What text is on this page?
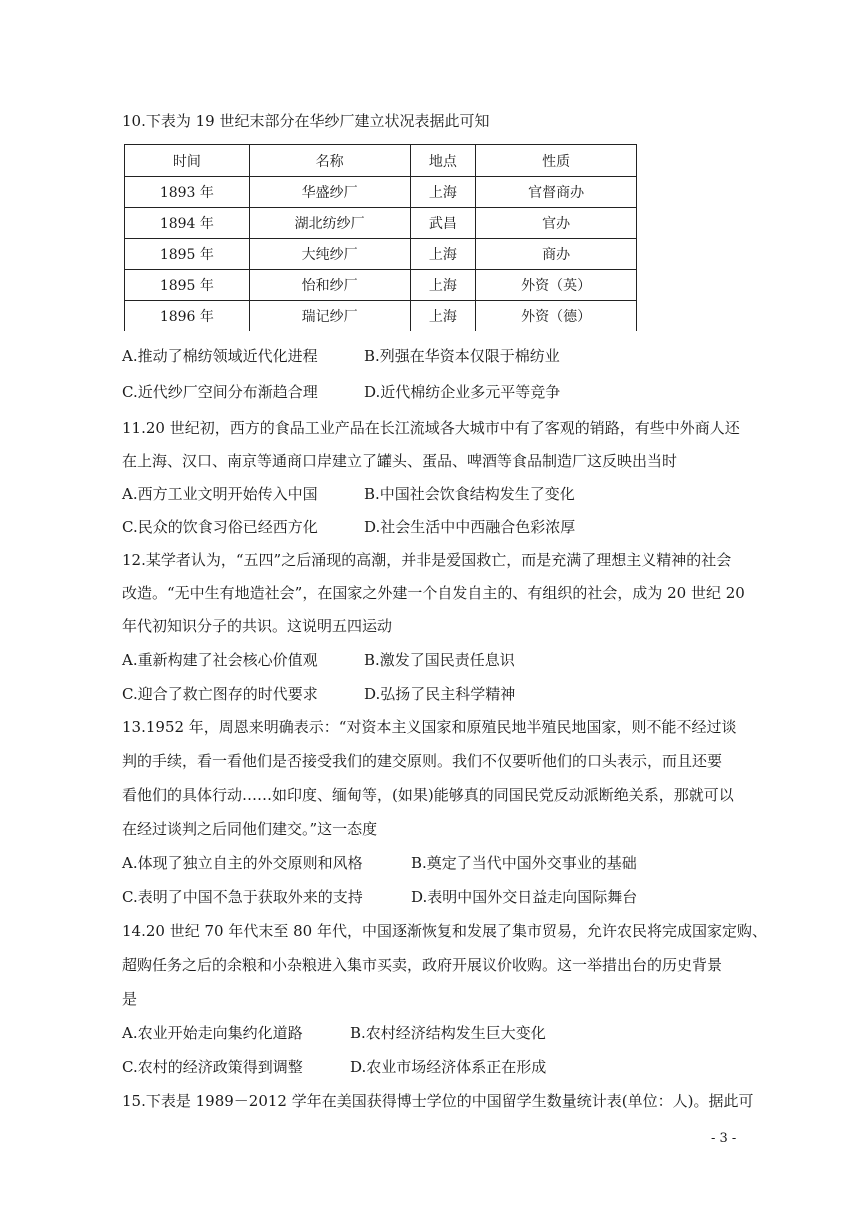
10.下表为 19 世纪末部分在华纱厂建立状况表据此可知
时间	名称	地点	性质
1893 年	华盛纱厂	上海	官督商办
1894 年	湖北纺纱厂	武昌	官办
1895 年	大纯纱厂	上海	商办
1895 年	怡和纱厂	上海	外资（英）
1896 年	瑞记纱厂	上海	外资（德）
A.推动了棉纺领域近代化进程	B.列强在华资本仅限于棉纺业
C.近代纱厂空间分布渐趋合理	D.近代棉纺企业多元平等竞争
11.20 世纪初，西方的食品工业产品在长江流域各大城市中有了客观的销路，有些中外商人还
在上海、汉口、南京等通商口岸建立了罐头、蛋品、啤酒等食品制造厂这反映出当时
A.西方工业文明开始传入中国	B.中国社会饮食结构发生了变化
C.民众的饮食习俗已经西方化	D.社会生活中中西融合色彩浓厚
12.某学者认为，“五四”之后涌现的高潮，并非是爱国救亡，而是充满了理想主义精神的社会
改造。“无中生有地造社会”，在国家之外建一个自发自主的、有组织的社会，成为 20 世纪 20
年代初知识分子的共识。这说明五四运动
A.重新构建了社会核心价值观	B.激发了国民责任息识
C.迎合了救亡图存的时代要求	D.弘扬了民主科学精神
13.1952 年，周恩来明确表示：“对资本主义国家和原殖民地半殖民地国家，则不能不经过谈
判的手续，看一看他们是否接受我们的建交原则。我们不仅要听他们的口头表示，而且还要
看他们的具体行动……如印度、缅甸等，(如果)能够真的同国民党反动派断绝关系，那就可以
在经过谈判之后同他们建交。”这一态度
A.体现了独立自主的外交原则和风格	B.奠定了当代中国外交事业的基础
C.表明了中国不急于获取外来的支持	D.表明中国外交日益走向国际舞台
14.20 世纪 70 年代末至 80 年代，中国逐渐恢复和发展了集市贸易，允许农民将完成国家定购、
超购任务之后的余粮和小杂粮进入集市买卖，政府开展议价收购。这一举措出台的历史背景
是
A.农业开始走向集约化道路	B.农村经济结构发生巨大变化
C.农村的经济政策得到调整	D.农业市场经济体系正在形成
15.下表是 1989－2012 学年在美国获得博士学位的中国留学生数量统计表(单位：人)。据此可
- 3 -
